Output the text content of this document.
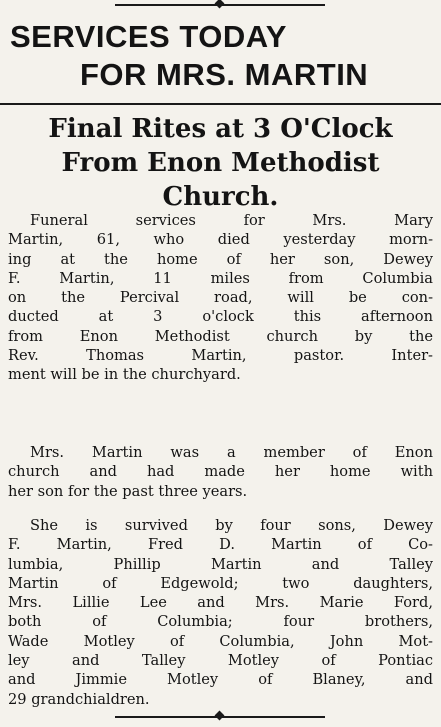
SERVICES TODAY
FOR MRS. MARTIN
Final Rites at 3 O'Clock
From Enon Methodist
Church.
Funeral services for Mrs. Mary
Martin, 61, who died yesterday morn-
ing at the home of her son, Dewey
F. Martin, 11 miles from Columbia
on the Percival road, will be con-
ducted at 3 o'clock this afternoon
from Enon Methodist church by the
Rev. Thomas Martin, pastor. Inter-
ment will be in the churchyard.
Mrs. Martin was a member of Enon
church and had made her home with
her son for the past three years.
She is survived by four sons, Dewey
F. Martin, Fred D. Martin of Co-
lumbia, Phillip Martin and Talley
Martin of Edgewold; two daughters,
Mrs. Lillie Lee and Mrs. Marie Ford,
both of Columbia; four brothers,
Wade Motley of Columbia, John Mot-
ley and Talley Motley of Pontiac
and Jimmie Motley of Blaney, and
29 grandchialdren.
